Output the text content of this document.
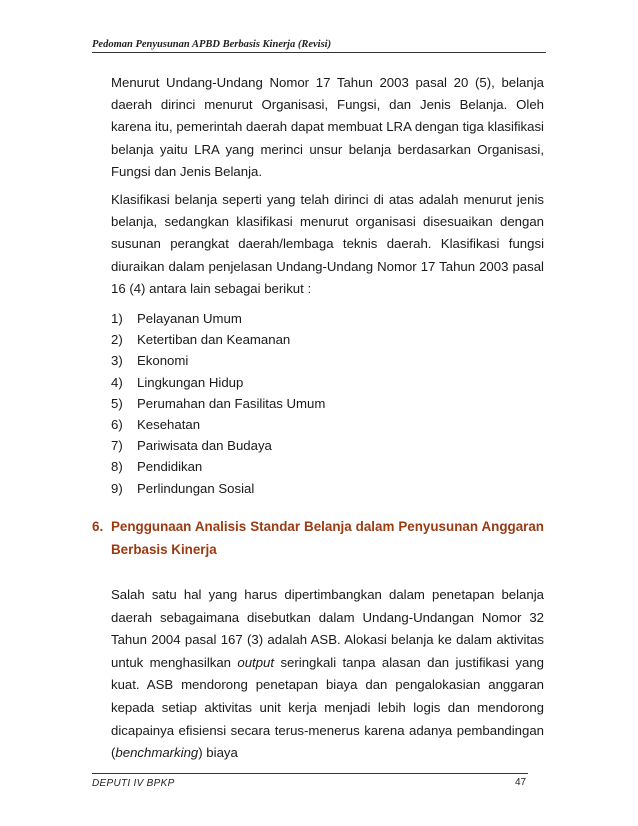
Pedoman Penyusunan APBD Berbasis Kinerja (Revisi)

Menurut Undang-Undang Nomor 17 Tahun 2003 pasal 20 (5), belanja daerah dirinci menurut Organisasi, Fungsi, dan Jenis Belanja. Oleh karena itu, pemerintah daerah dapat membuat LRA dengan tiga klasifikasi belanja yaitu LRA yang merinci unsur belanja berdasarkan Organisasi, Fungsi dan Jenis Belanja.

Klasifikasi belanja seperti yang telah dirinci di atas adalah menurut jenis belanja, sedangkan klasifikasi menurut organisasi disesuaikan dengan susunan perangkat daerah/lembaga teknis daerah. Klasifikasi fungsi diuraikan dalam penjelasan Undang-Undang Nomor 17 Tahun 2003 pasal 16 (4) antara lain sebagai berikut :

1)	Pelayanan Umum
2)	Ketertiban dan Keamanan
3)	Ekonomi
4)	Lingkungan Hidup
5)	Perumahan dan Fasilitas Umum
6)	Kesehatan
7)	Pariwisata dan Budaya
8)	Pendidikan
9)	Perlindungan Sosial
6. Penggunaan Analisis Standar Belanja dalam Penyusunan Anggaran Berbasis Kinerja

Salah satu hal yang harus dipertimbangkan dalam penetapan belanja daerah sebagaimana disebutkan dalam Undang-Undangan Nomor 32 Tahun 2004 pasal 167 (3) adalah ASB. Alokasi belanja ke dalam aktivitas untuk menghasilkan output seringkali tanpa alasan dan justifikasi yang kuat. ASB mendorong penetapan biaya dan pengalokasian anggaran kepada setiap aktivitas unit kerja menjadi lebih logis dan mendorong dicapainya efisiensi secara terus-menerus karena adanya pembandingan (benchmarking) biaya

DEPUTI IV BPKP	47
